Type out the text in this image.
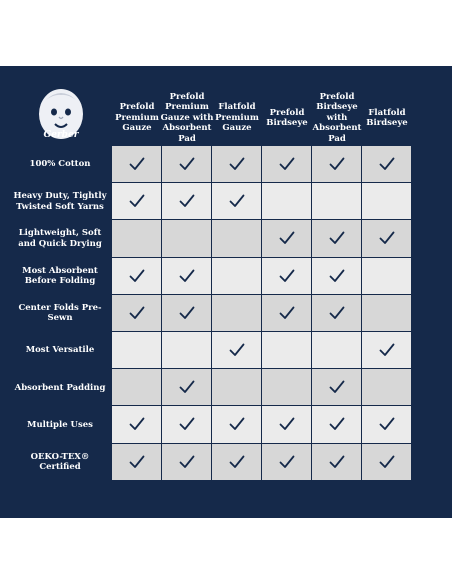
Gerber
Prefold Premium Gauze
Prefold Premium Gauze with Absorbent Pad
Flatfold Premium Gauze
Prefold Birdseye
Prefold Birdseye with Absorbent Pad
Flatfold Birdseye
100% Cotton
Heavy Duty, Tightly Twisted Soft Yarns
Lightweight, Soft and Quick Drying
Most Absorbent Before Folding
Center Folds Pre-Sewn
Most Versatile
Absorbent Padding
Multiple Uses
OEKO-TEX® Certified
